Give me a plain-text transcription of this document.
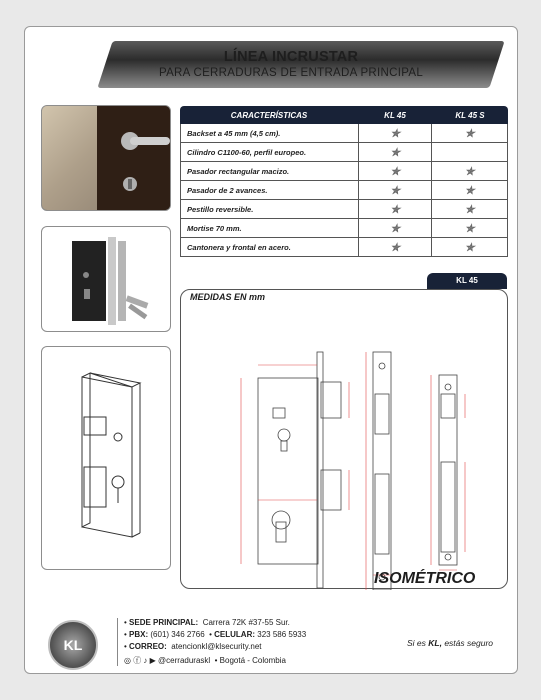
LÍNEA INCRUSTAR
PARA CERRADURAS DE ENTRADA PRINCIPAL
CARACTERÍSTICAS	KL 45	KL 45 S
Backset a 45 mm (4,5 cm).	✯	✯
Cilindro C1100-60, perfil europeo.	✯
Pasador rectangular macizo.	✯	✯
Pasador de 2 avances.	✯	✯
Pestillo reversible.	✯	✯
Mortise 70 mm.	✯	✯
Cantonera y frontal en acero.	✯	✯
KL 45
MEDIDAS EN mm
ISOMÉTRICO
KL
• SEDE PRINCIPAL: Carrera 72K #37-55 Sur.
• PBX: (601) 346 2766  • CELULAR: 323 586 5933
• CORREO: atencionkl@klsecurity.net
◎ ⓕ ♪ ▶ @cerraduraskl  • Bogotá - Colombia
Si es KL, estás seguro
